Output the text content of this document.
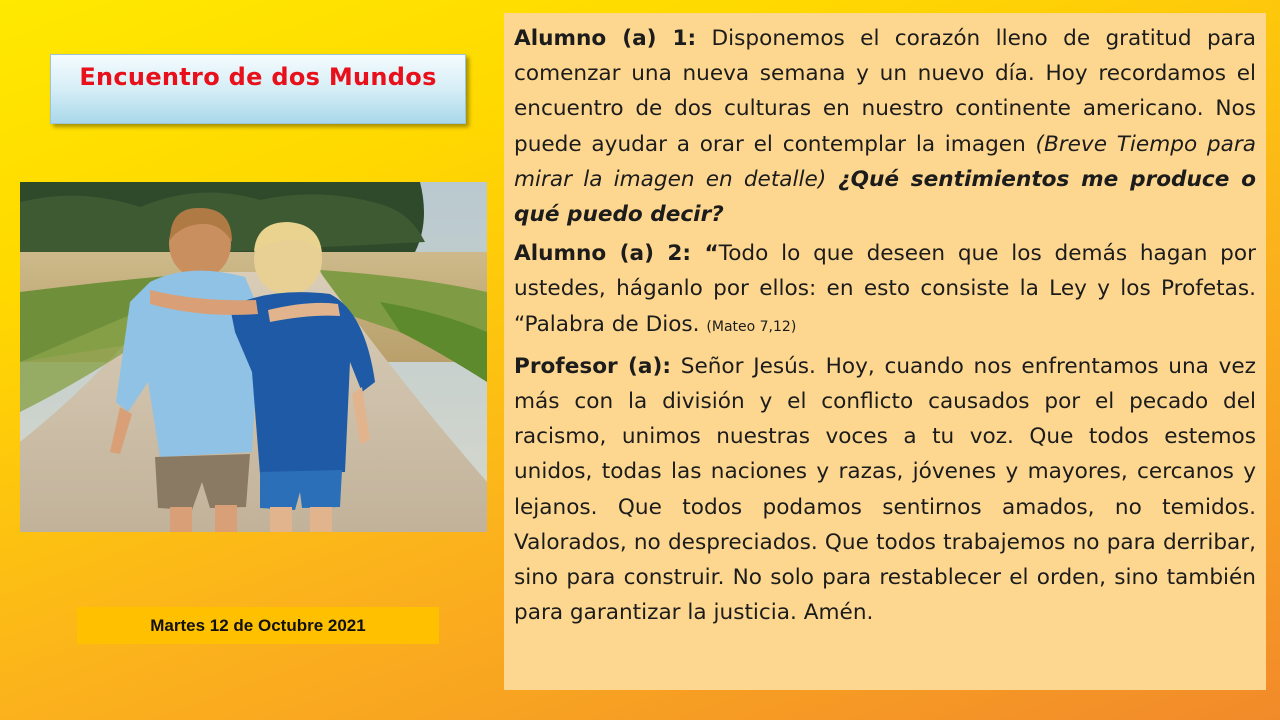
Encuentro de dos Mundos
Martes 12 de Octubre 2021

Alumno (a) 1: Disponemos el corazón lleno de gratitud para comenzar una nueva semana y un nuevo día. Hoy recordamos el encuentro de dos culturas en nuestro continente americano. Nos puede ayudar a orar el contemplar la imagen (Breve Tiempo para mirar la imagen en detalle) ¿Qué sentimientos me produce o qué puedo decir?

Alumno (a) 2: “Todo lo que deseen que los demás hagan por ustedes, háganlo por ellos: en esto consiste la Ley y los Profetas. “Palabra de Dios. (Mateo 7,12)

Profesor (a): Señor Jesús. Hoy, cuando nos enfrentamos una vez más con la división y el conflicto causados por el pecado del racismo, unimos nuestras voces a tu voz. Que todos estemos unidos, todas las naciones y razas, jóvenes y mayores, cercanos y lejanos. Que todos podamos sentirnos amados, no temidos. Valorados, no despreciados. Que todos trabajemos no para derribar, sino para construir. No solo para restablecer el orden, sino también para garantizar la justicia. Amén.
